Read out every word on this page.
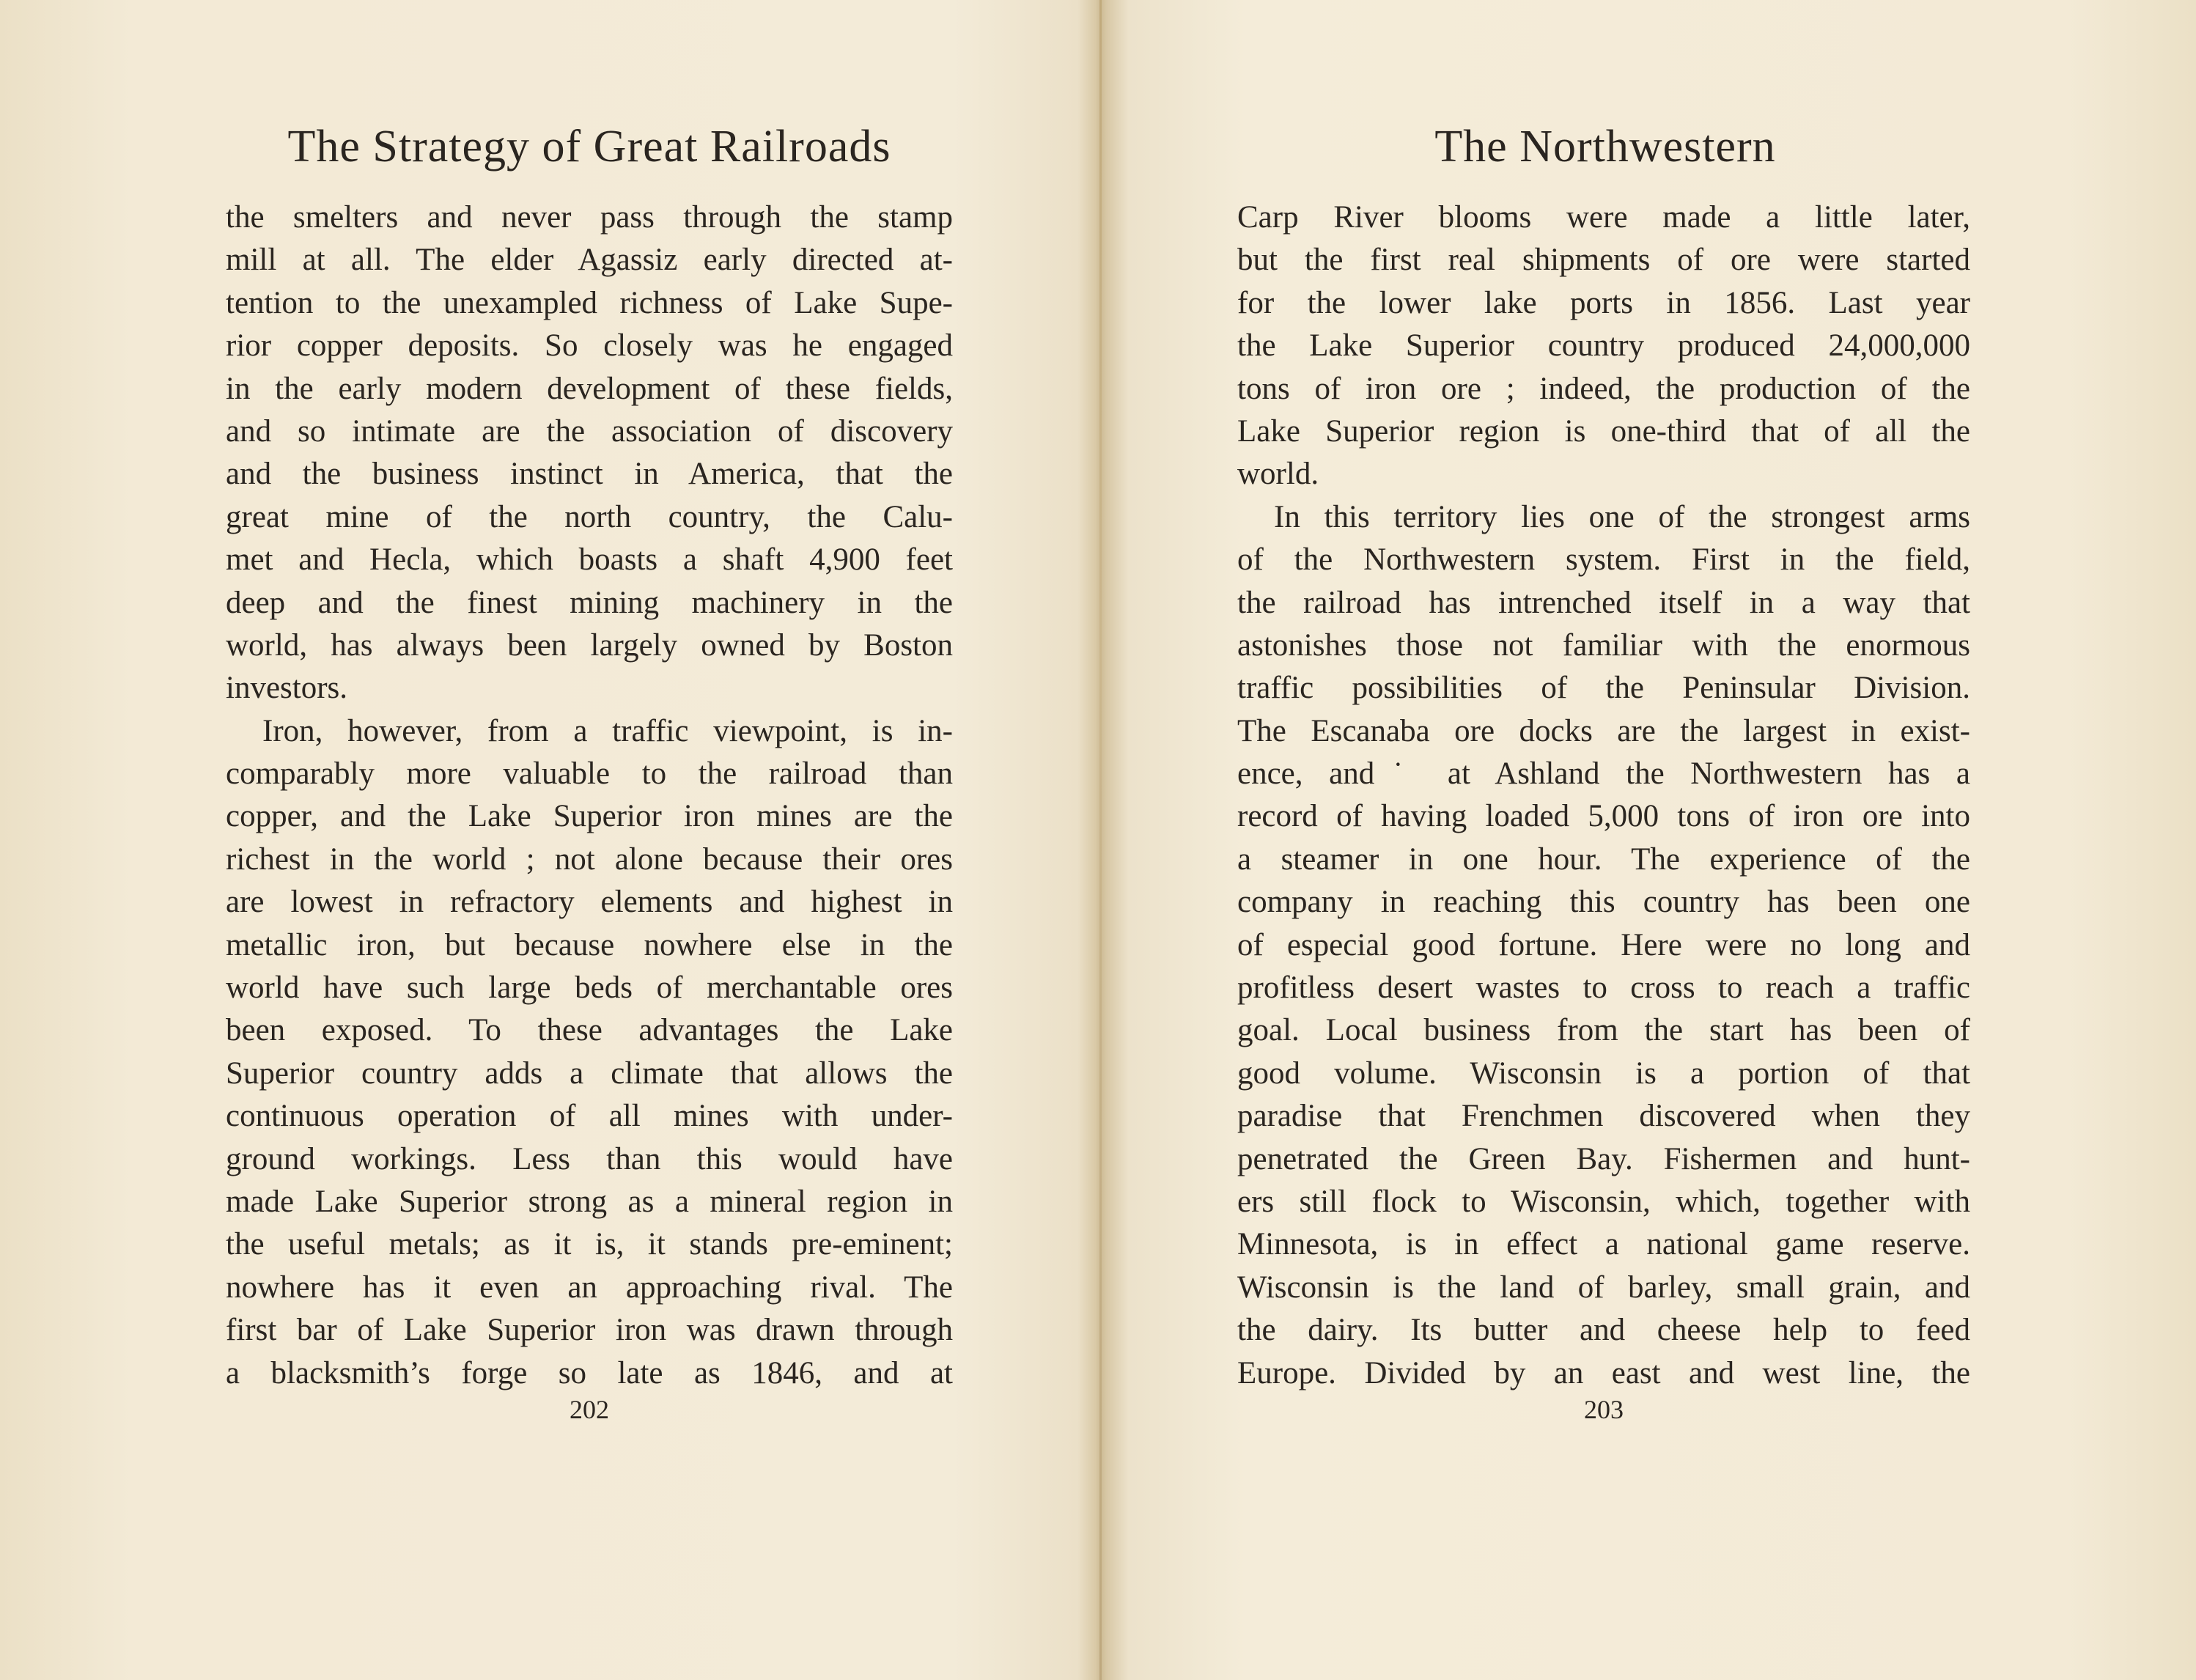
The Strategy of Great Railroads
the smelters and never pass through the stamp
mill at all. The elder Agassiz early directed at-
tention to the unexampled richness of Lake Supe-
rior copper deposits. So closely was he engaged
in the early modern development of these fields,
and so intimate are the association of discovery
and the business instinct in America, that the
great mine of the north country, the Calu-
met and Hecla, which boasts a shaft 4,900 feet
deep and the finest mining machinery in the
world, has always been largely owned by Boston
investors.
Iron, however, from a traffic viewpoint, is in-
comparably more valuable to the railroad than
copper, and the Lake Superior iron mines are the
richest in the world ; not alone because their ores
are lowest in refractory elements and highest in
metallic iron, but because nowhere else in the
world have such large beds of merchantable ores
been exposed. To these advantages the Lake
Superior country adds a climate that allows the
continuous operation of all mines with under-
ground workings. Less than this would have
made Lake Superior strong as a mineral region in
the useful metals; as it is, it stands pre-eminent;
nowhere has it even an approaching rival. The
first bar of Lake Superior iron was drawn through
a blacksmith’s forge so late as 1846, and at
202
The Northwestern
Carp River blooms were made a little later,
but the first real shipments of ore were started
for the lower lake ports in 1856. Last year
the Lake Superior country produced 24,000,000
tons of iron ore ; indeed, the production of the
Lake Superior region is one-third that of all the
world.
In this territory lies one of the strongest arms
of the Northwestern system. First in the field,
the railroad has intrenched itself in a way that
astonishes those not familiar with the enormous
traffic possibilities of the Peninsular Division.
The Escanaba ore docks are the largest in exist-
ence, and˙ at Ashland the Northwestern has a
record of having loaded 5,000 tons of iron ore into
a steamer in one hour. The experience of the
company in reaching this country has been one
of especial good fortune. Here were no long and
profitless desert wastes to cross to reach a traffic
goal. Local business from the start has been of
good volume. Wisconsin is a portion of that
paradise that Frenchmen discovered when they
penetrated the Green Bay. Fishermen and hunt-
ers still flock to Wisconsin, which, together with
Minnesota, is in effect a national game reserve.
Wisconsin is the land of barley, small grain, and
the dairy. Its butter and cheese help to feed
Europe. Divided by an east and west line, the
203
